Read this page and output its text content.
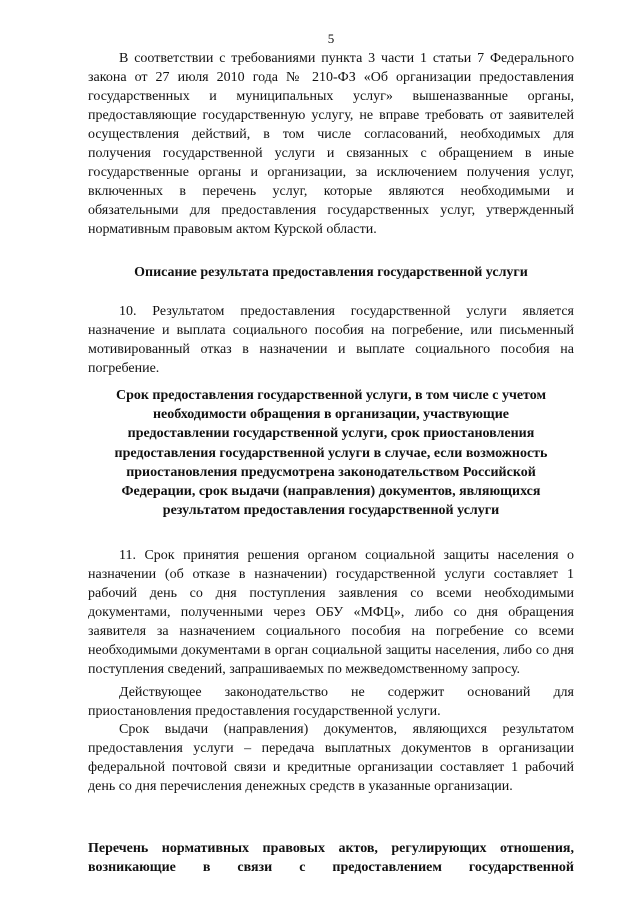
5

В соответствии с требованиями пункта 3 части 1 статьи 7 Федерального закона от 27 июля 2010 года № 210-ФЗ «Об организации предоставления государственных и муниципальных услуг» вышеназванные органы, предоставляющие государственную услугу, не вправе требовать от заявителей осуществления действий, в том числе согласований, необходимых для получения государственной услуги и связанных с обращением в иные государственные органы и организации, за исключением получения услуг, включенных в перечень услуг, которые являются необходимыми и обязательными для предоставления государственных услуг, утвержденный нормативным правовым актом Курской области.

Описание результата предоставления государственной услуги

10. Результатом предоставления государственной услуги является назначение и выплата социального пособия на погребение, или письменный мотивированный отказ в назначении и выплате социального пособия на погребение.

Срок предоставления государственной услуги, в том числе с учетом необходимости обращения в организации, участвующие предоставлении государственной услуги, срок приостановления предоставления государственной услуги в случае, если возможность приостановления предусмотрена законодательством Российской Федерации, срок выдачи (направления) документов, являющихся результатом предоставления государственной услуги

11. Срок принятия решения органом социальной защиты населения о назначении (об отказе в назначении) государственной услуги составляет 1 рабочий день со дня поступления заявления со всеми необходимыми документами, полученными через ОБУ «МФЦ», либо со дня обращения заявителя за назначением социального пособия на погребение со всеми необходимыми документами в орган социальной защиты населения, либо со дня поступления сведений, запрашиваемых по межведомственному запросу.

Действующее законодательство не содержит оснований для приостановления предоставления государственной услуги.

Срок выдачи (направления) документов, являющихся результатом предоставления услуги – передача выплатных документов в организации федеральной почтовой связи и кредитные организации составляет 1 рабочий день со дня перечисления денежных средств в указанные организации.

Перечень нормативных правовых актов, регулирующих отношения, возникающие в связи с предоставлением государственной
